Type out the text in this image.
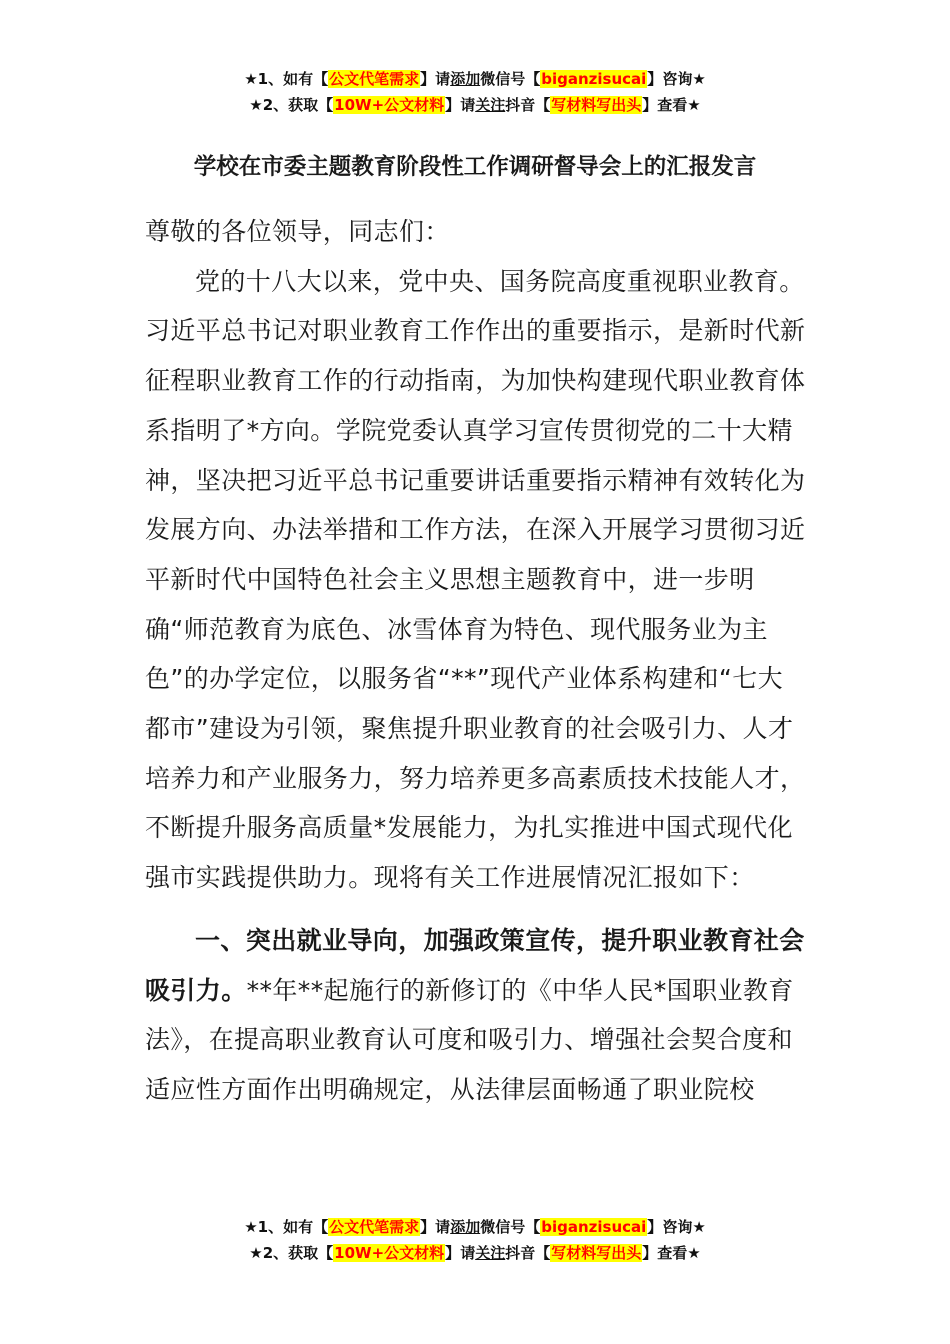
★1、如有【公文代笔需求】请添加微信号【biganzisucai】咨询★
★2、获取【10W+公文材料】请关注抖音【写材料写出头】查看★
学校在市委主题教育阶段性工作调研督导会上的汇报发言

尊敬的各位领导，同志们：

党的十八大以来，党中央、国务院高度重视职业教育。习近平总书记对职业教育工作作出的重要指示，是新时代新征程职业教育工作的行动指南，为加快构建现代职业教育体系指明了*方向。学院党委认真学习宣传贯彻党的二十大精神，坚决把习近平总书记重要讲话重要指示精神有效转化为发展方向、办法举措和工作方法，在深入开展学习贯彻习近平新时代中国特色社会主义思想主题教育中，进一步明确“师范教育为底色、冰雪体育为特色、现代服务业为主色”的办学定位，以服务省“**”现代产业体系构建和“七大都市”建设为引领，聚焦提升职业教育的社会吸引力、人才培养力和产业服务力，努力培养更多高素质技术技能人才，不断提升服务高质量*发展能力，为扎实推进中国式现代化强市实践提供助力。现将有关工作进展情况汇报如下：

一、突出就业导向，加强政策宣传，提升职业教育社会吸引力。**年**起施行的新修订的《中华人民*国职业教育法》，在提高职业教育认可度和吸引力、增强社会契合度和适应性方面作出明确规定，从法律层面畅通了职业院校

★1、如有【公文代笔需求】请添加微信号【biganzisucai】咨询★
★2、获取【10W+公文材料】请关注抖音【写材料写出头】查看★
